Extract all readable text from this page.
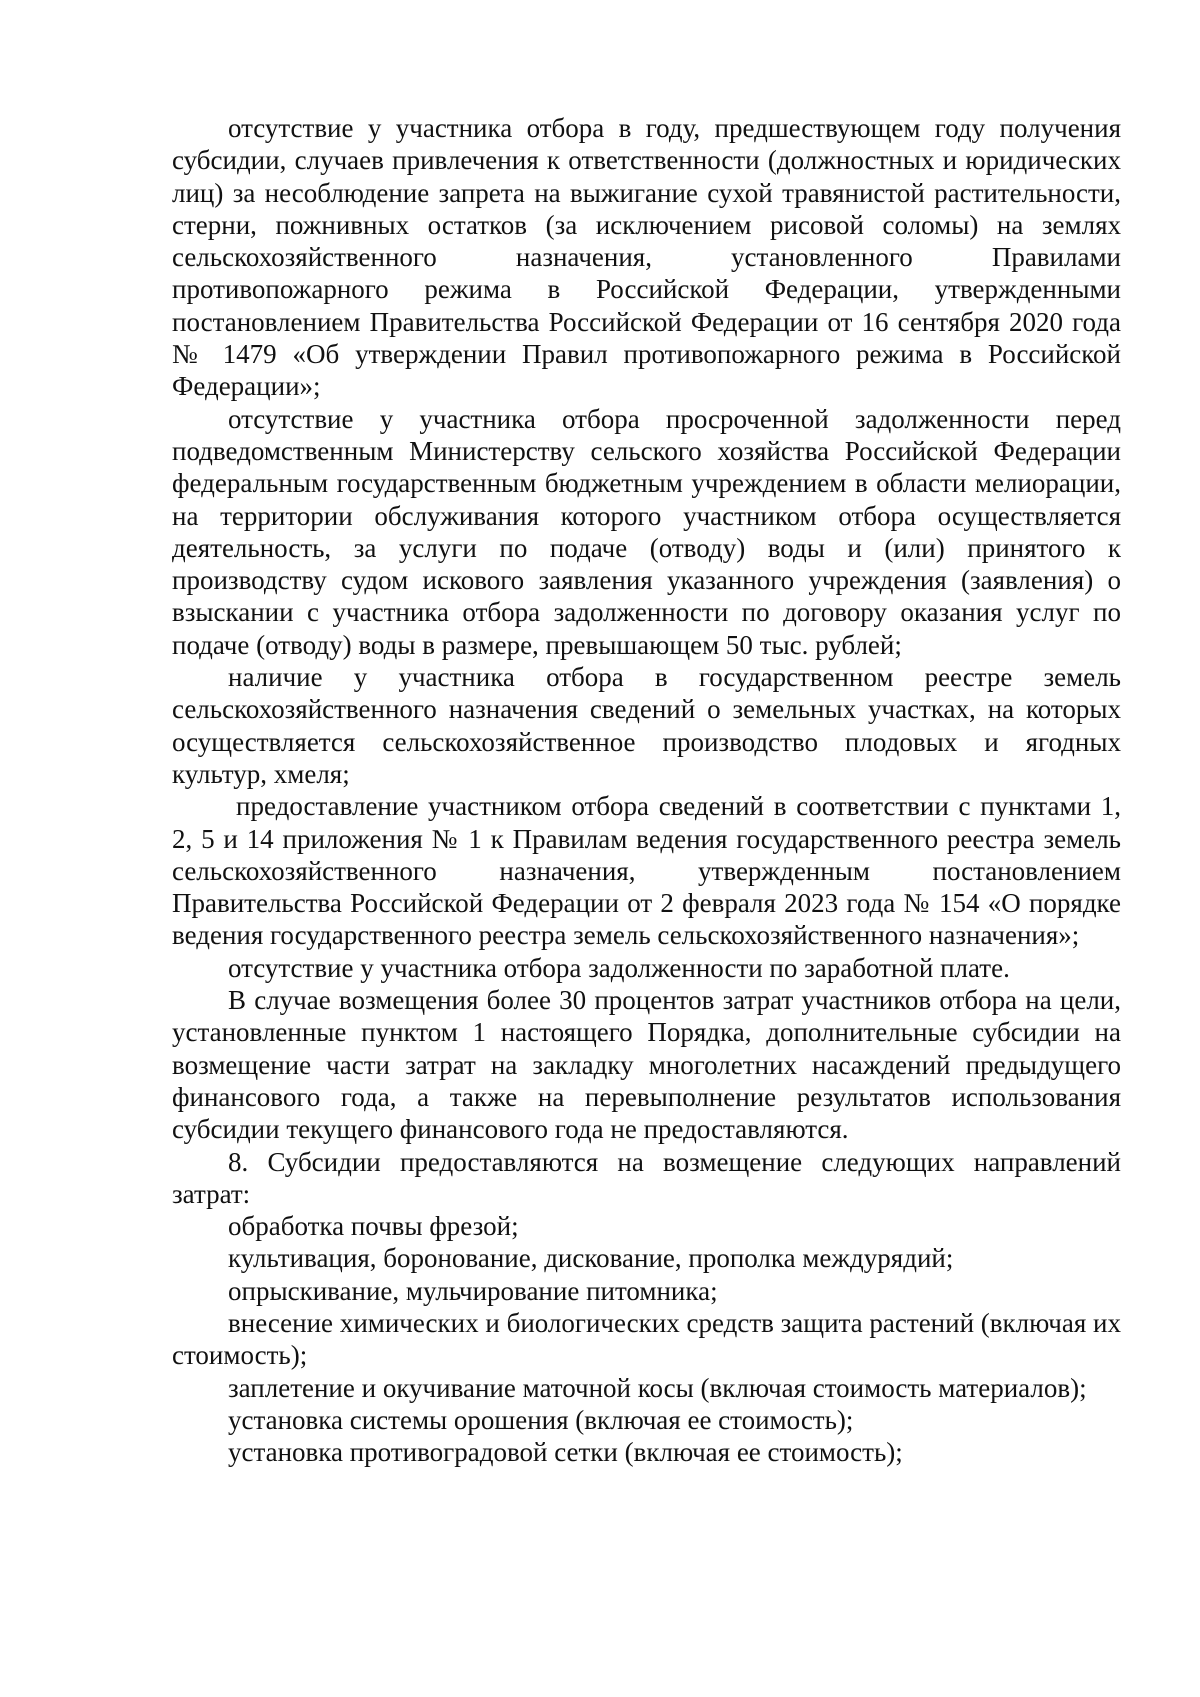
отсутствие у участника отбора в году, предшествующем году получения субсидии, случаев привлечения к ответственности (должностных и юридических лиц) за несоблюдение запрета на выжигание сухой травянистой растительности, стерни, пожнивных остатков (за исключением рисовой соломы) на землях сельскохозяйственного назначения, установленного Правилами противопожарного режима в Российской Федерации, утвержденными постановлением Правительства Российской Федерации от 16 сентября 2020 года № 1479 «Об утверждении Правил противопожарного режима в Российской Федерации»;

отсутствие у участника отбора просроченной задолженности перед подведомственным Министерству сельского хозяйства Российской Федерации федеральным государственным бюджетным учреждением в области мелиорации, на территории обслуживания которого участником отбора осуществляется деятельность, за услуги по подаче (отводу) воды и (или) принятого к производству судом искового заявления указанного учреждения (заявления) о взыскании с участника отбора задолженности по договору оказания услуг по подаче (отводу) воды в размере, превышающем 50 тыс. рублей;

наличие у участника отбора в государственном реестре земель сельскохозяйственного назначения сведений о земельных участках, на которых осуществляется сельскохозяйственное производство плодовых и ягодных культур, хмеля;

предоставление участником отбора сведений в соответствии с пунктами 1, 2, 5 и 14 приложения № 1 к Правилам ведения государственного реестра земель сельскохозяйственного назначения, утвержденным постановлением Правительства Российской Федерации от 2 февраля 2023 года № 154 «О порядке ведения государственного реестра земель сельскохозяйственного назначения»;

отсутствие у участника отбора задолженности по заработной плате.

В случае возмещения более 30 процентов затрат участников отбора на цели, установленные пунктом 1 настоящего Порядка, дополнительные субсидии на возмещение части затрат на закладку многолетних насаждений предыдущего финансового года, а также на перевыполнение результатов использования субсидии текущего финансового года не предоставляются.

8. Субсидии предоставляются на возмещение следующих направлений затрат:

обработка почвы фрезой;

культивация, боронование, дискование, прополка междурядий;

опрыскивание, мульчирование питомника;

внесение химических и биологических средств защита растений (включая их стоимость);

заплетение и окучивание маточной косы (включая стоимость материалов);

установка системы орошения (включая ее стоимость);

установка противоградовой сетки (включая ее стоимость);
